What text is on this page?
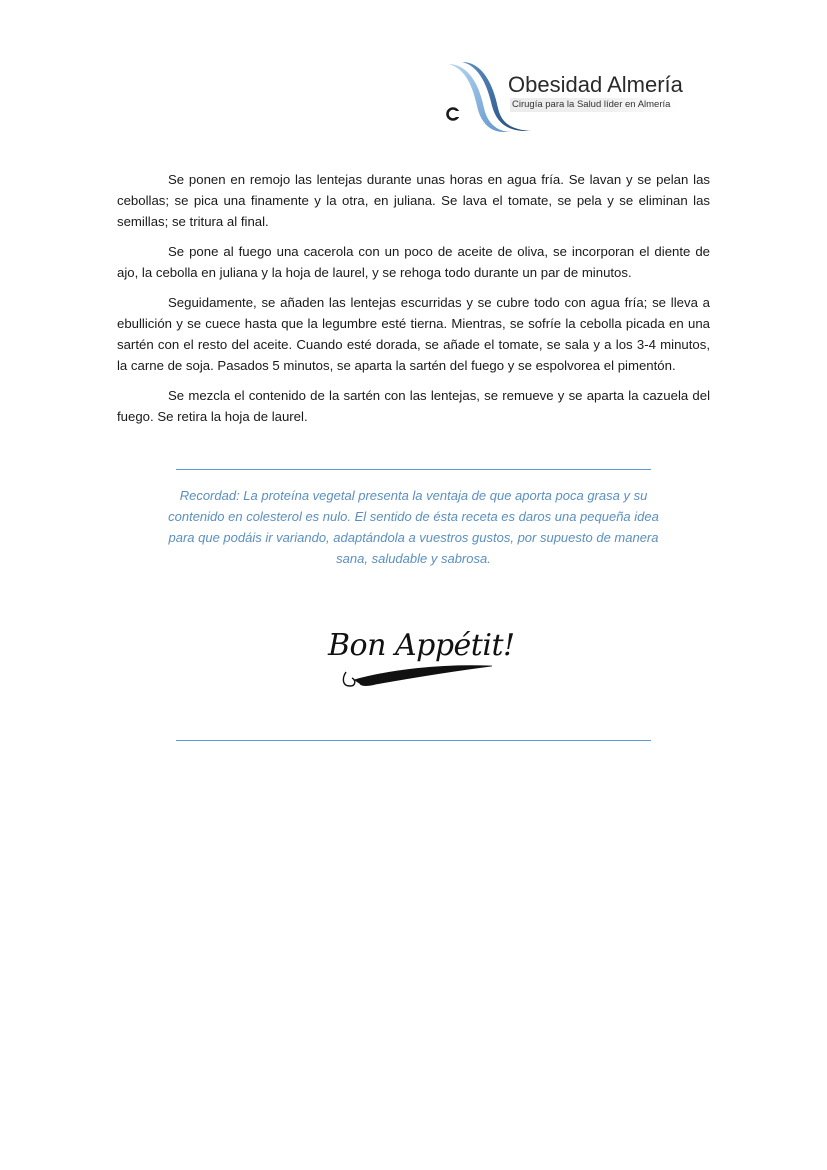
Obesidad Almería
Cirugía para la Salud líder en Almería

Se ponen en remojo las lentejas durante unas horas en agua fría. Se lavan y se pelan las cebollas; se pica una finamente y la otra, en juliana. Se lava el tomate, se pela y se eliminan las semillas; se tritura al final.

Se pone al fuego una cacerola con un poco de aceite de oliva, se incorporan el diente de ajo, la cebolla en juliana y la hoja de laurel, y se rehoga todo durante un par de minutos.

Seguidamente, se añaden las lentejas escurridas y se cubre todo con agua fría; se lleva a ebullición y se cuece hasta que la legumbre esté tierna. Mientras, se sofríe la cebolla picada en una sartén con el resto del aceite. Cuando esté dorada, se añade el tomate, se sala y a los 3-4 minutos, la carne de soja. Pasados 5 minutos, se aparta la sartén del fuego y se espolvorea el pimentón.

Se mezcla el contenido de la sartén con las lentejas, se remueve y se aparta la cazuela del fuego. Se retira la hoja de laurel.

Recordad: La proteína vegetal presenta la ventaja de que aporta poca grasa y su contenido en colesterol es nulo. El sentido de ésta receta es daros una pequeña idea para que podáis ir variando, adaptándola a vuestros gustos, por supuesto de manera sana, saludable y sabrosa.
Bon Appétit!
